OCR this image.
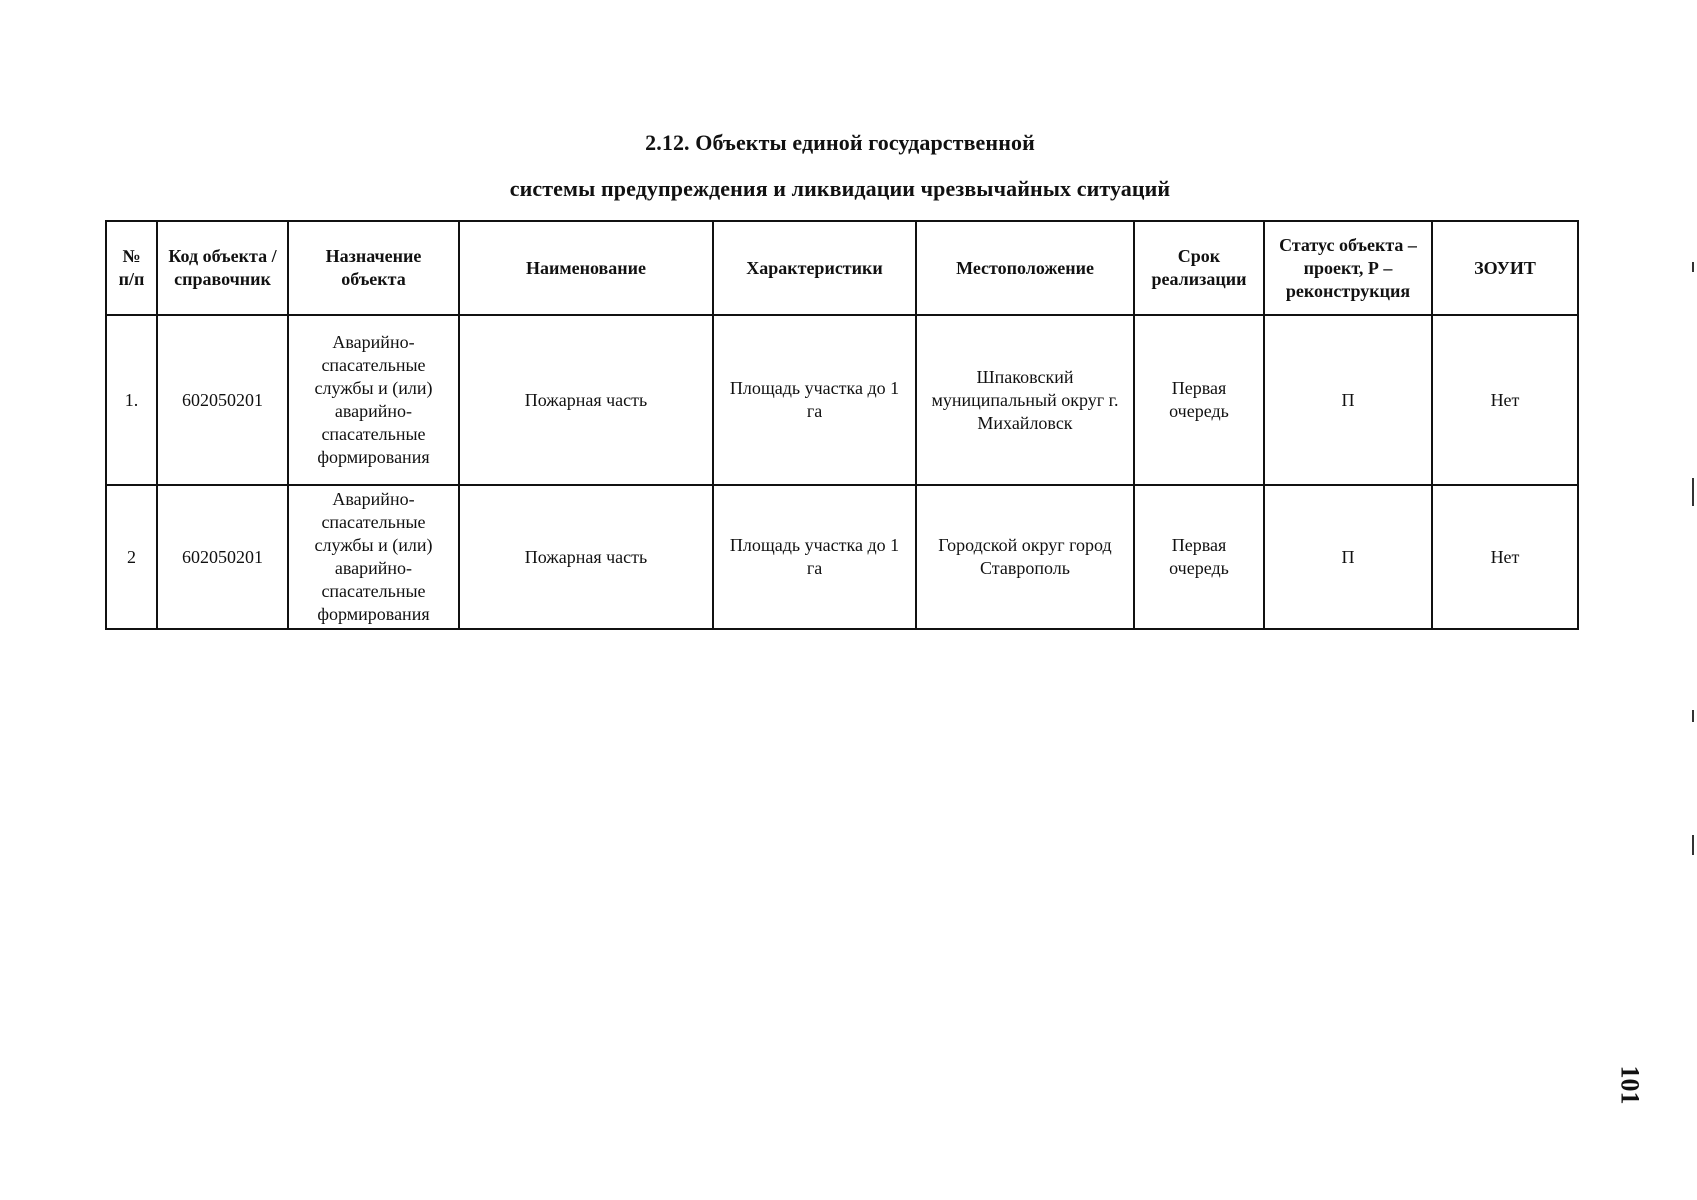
2.12. Объекты единой государственной
системы предупреждения и ликвидации чрезвычайных ситуаций
№ п/п	Код объекта / справочник	Назначение объекта	Наименование	Характеристики	Местоположение	Срок реализации	Статус объекта – проект, Р – реконструкция	ЗОУИТ
1.	602050201	Аварийно-спасательные службы и (или) аварийно-спасательные формирования	Пожарная часть	Площадь участка до 1 га	Шпаковский муниципальный округ г. Михайловск	Первая очередь	П	Нет
2	602050201	Аварийно-спасательные службы и (или) аварийно-спасательные формирования	Пожарная часть	Площадь участка до 1 га	Городской округ город Ставрополь	Первая очередь	П	Нет
101
